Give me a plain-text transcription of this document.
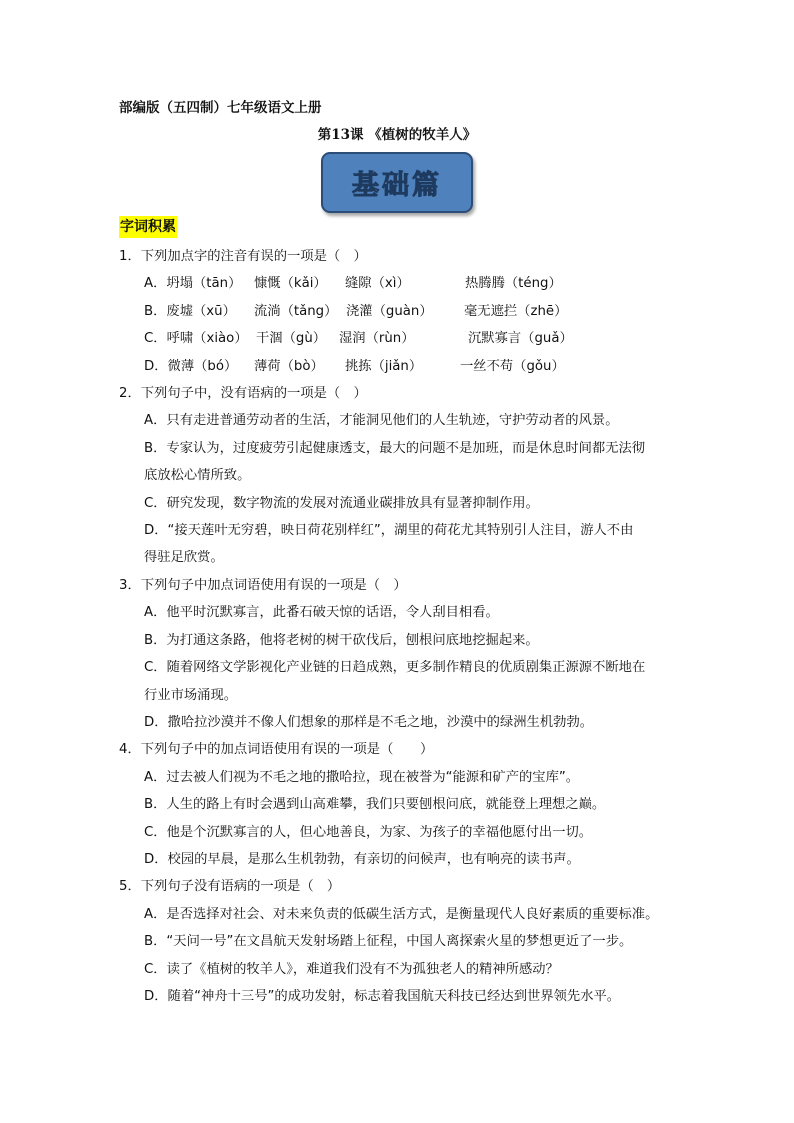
部编版（五四制）七年级语文上册
第13课 《植树的牧羊人》
基础篇
字词积累
1．下列加点字的注音有误的一项是（　）
A．坍塌（tān） 慷慨（kǎi）	缝隙（xì）	热腾腾（téng）
B．废墟（xū）	流淌（tǎng） 浇灌（guàn）	毫无遮拦（zhē）
C．呼啸（xiào） 干涸（gù） 湿润（rùn）	沉默寡言（guǎ）
D．微薄（bó）	薄荷（bò）	挑拣（jiǎn）	一丝不苟（gǒu）
2．下列句子中，没有语病的一项是（　）
A．只有走进普通劳动者的生活，才能洞见他们的人生轨迹，守护劳动者的风景。
B．专家认为，过度疲劳引起健康透支，最大的问题不是加班，而是休息时间都无法彻
底放松心情所致。
C．研究发现，数字物流的发展对流通业碳排放具有显著抑制作用。
D．“接天莲叶无穷碧，映日荷花别样红”，湖里的荷花尤其特别引人注目，游人不由
得驻足欣赏。
3．下列句子中加点词语使用有误的一项是（　）
A．他平时沉默寡言，此番石破天惊的话语，令人刮目相看。
B．为打通这条路，他将老树的树干砍伐后，刨根问底地挖掘起来。
C．随着网络文学影视化产业链的日趋成熟，更多制作精良的优质剧集正源源不断地在
行业市场涌现。
D．撒哈拉沙漠并不像人们想象的那样是不毛之地，沙漠中的绿洲生机勃勃。
4．下列句子中的加点词语使用有误的一项是（　　）
A．过去被人们视为不毛之地的撒哈拉，现在被誉为“能源和矿产的宝库”。
B．人生的路上有时会遇到山高难攀，我们只要刨根问底，就能登上理想之巅。
C．他是个沉默寡言的人，但心地善良，为家、为孩子的幸福他愿付出一切。
D．校园的早晨，是那么生机勃勃，有亲切的问候声，也有响亮的读书声。
5．下列句子没有语病的一项是（　）
A．是否选择对社会、对未来负责的低碳生活方式，是衡量现代人良好素质的重要标准。
B．“天问一号”在文昌航天发射场踏上征程，中国人离探索火星的梦想更近了一步。
C．读了《植树的牧羊人》，难道我们没有不为孤独老人的精神所感动？
D．随着“神舟十三号”的成功发射，标志着我国航天科技已经达到世界领先水平。
